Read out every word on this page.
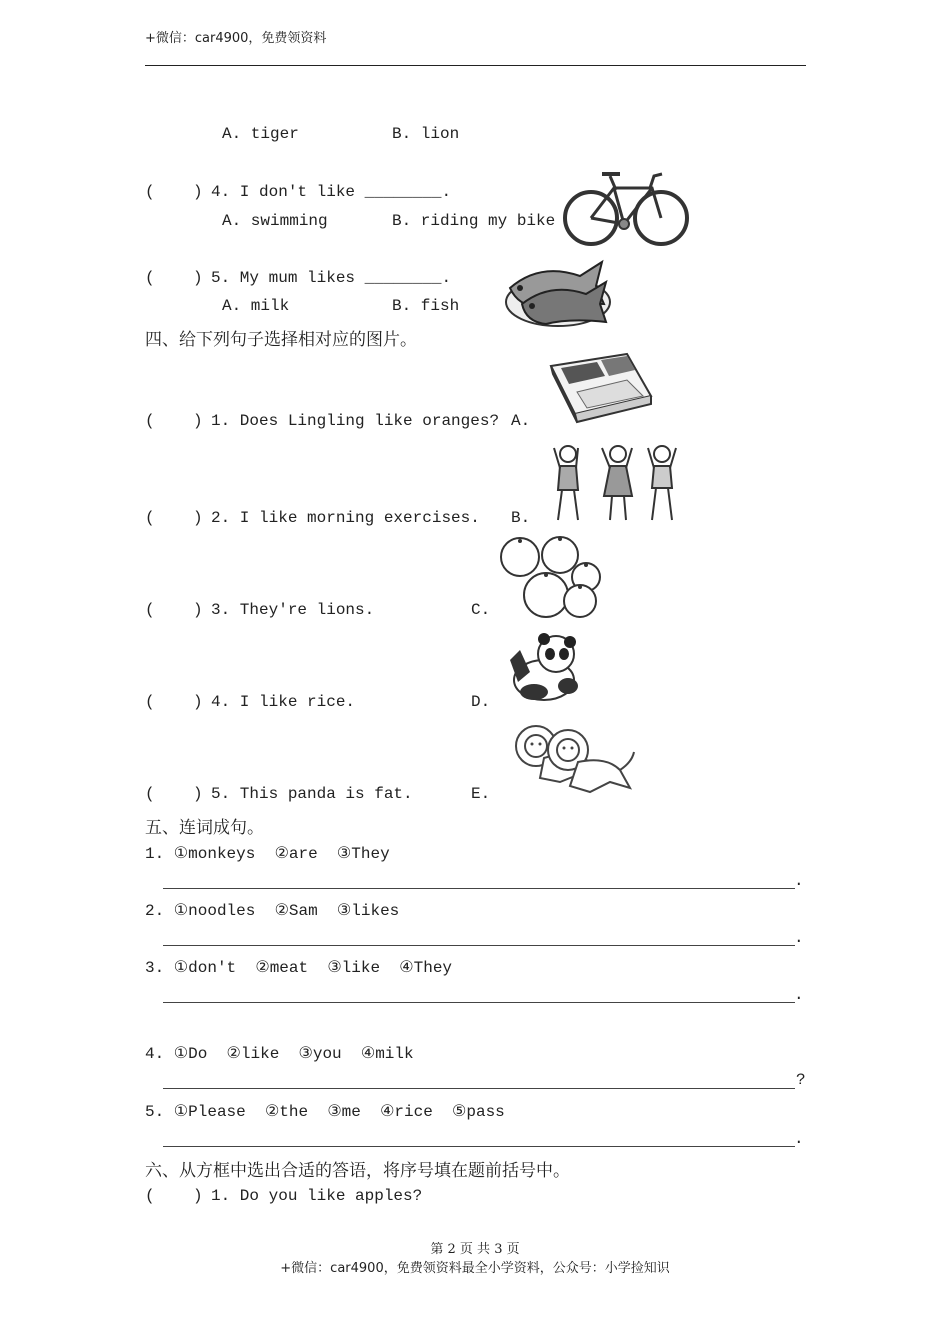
+微信：car4900，免费领资料
A. tiger	B. lion
(    ) 4. I don't like ________.
A. swimming	B. riding my bike
(    ) 5. My mum likes ________.
A. milk	B. fish
四、给下列句子选择相对应的图片。
(    ) 1. Does Lingling like oranges? A.
(    ) 2. I like morning exercises. B.
(    ) 3. They're lions.	C.
(    ) 4. I like rice.	D.
(    ) 5. This panda is fat.	E.
五、连词成句。
1. ①monkeys  ②are  ③They
.
2. ①noodles  ②Sam  ③likes
.
3. ①don't  ②meat  ③like  ④They
.
4. ①Do  ②like  ③you  ④milk
?
5. ①Please  ②the  ③me  ④rice  ⑤pass
.
六、从方框中选出合适的答语，将序号填在题前括号中。
(    ) 1. Do you like apples?
第 2 页 共 3 页
+微信：car4900，免费领资料最全小学资料，公众号：小学捡知识
